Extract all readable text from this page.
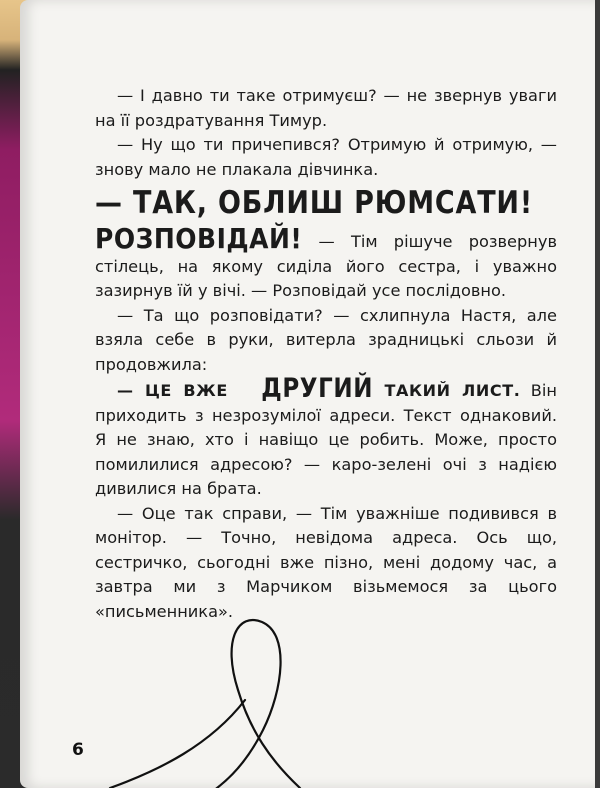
— І давно ти таке отримуєш? — не звернув уваги на її роздратування Тимур.

— Ну що ти причепився? Отримую й отримую, — знову мало не плакала дівчинка.

— ТАК, ОБЛИШ РЮМСАТИ!
РОЗПОВІДАЙ! — Тім рішуче розвернув стілець, на якому сиділа його сестра, і уважно зазирнув їй у вічі. — Розповідай усе послідовно.

— Та що розповідати? — схлипнула Настя, але взяла себе в руки, витерла зрадницькі сльози й продовжила:

— ЦЕ ВЖЕ ДРУГИЙ ТАКИЙ ЛИСТ. Він приходить з незрозумілої адреси. Текст однаковий. Я не знаю, хто і навіщо це робить. Може, просто помилилися адресою? — каро-зелені очі з надією дивилися на брата.

— Оце так справи, — Тім уважніше подивився в монітор. — Точно, невідома адреса. Ось що, сестричко, сьогодні вже пізно, мені додому час, а завтра ми з Марчиком візьмемося за цього «письменника».

6
